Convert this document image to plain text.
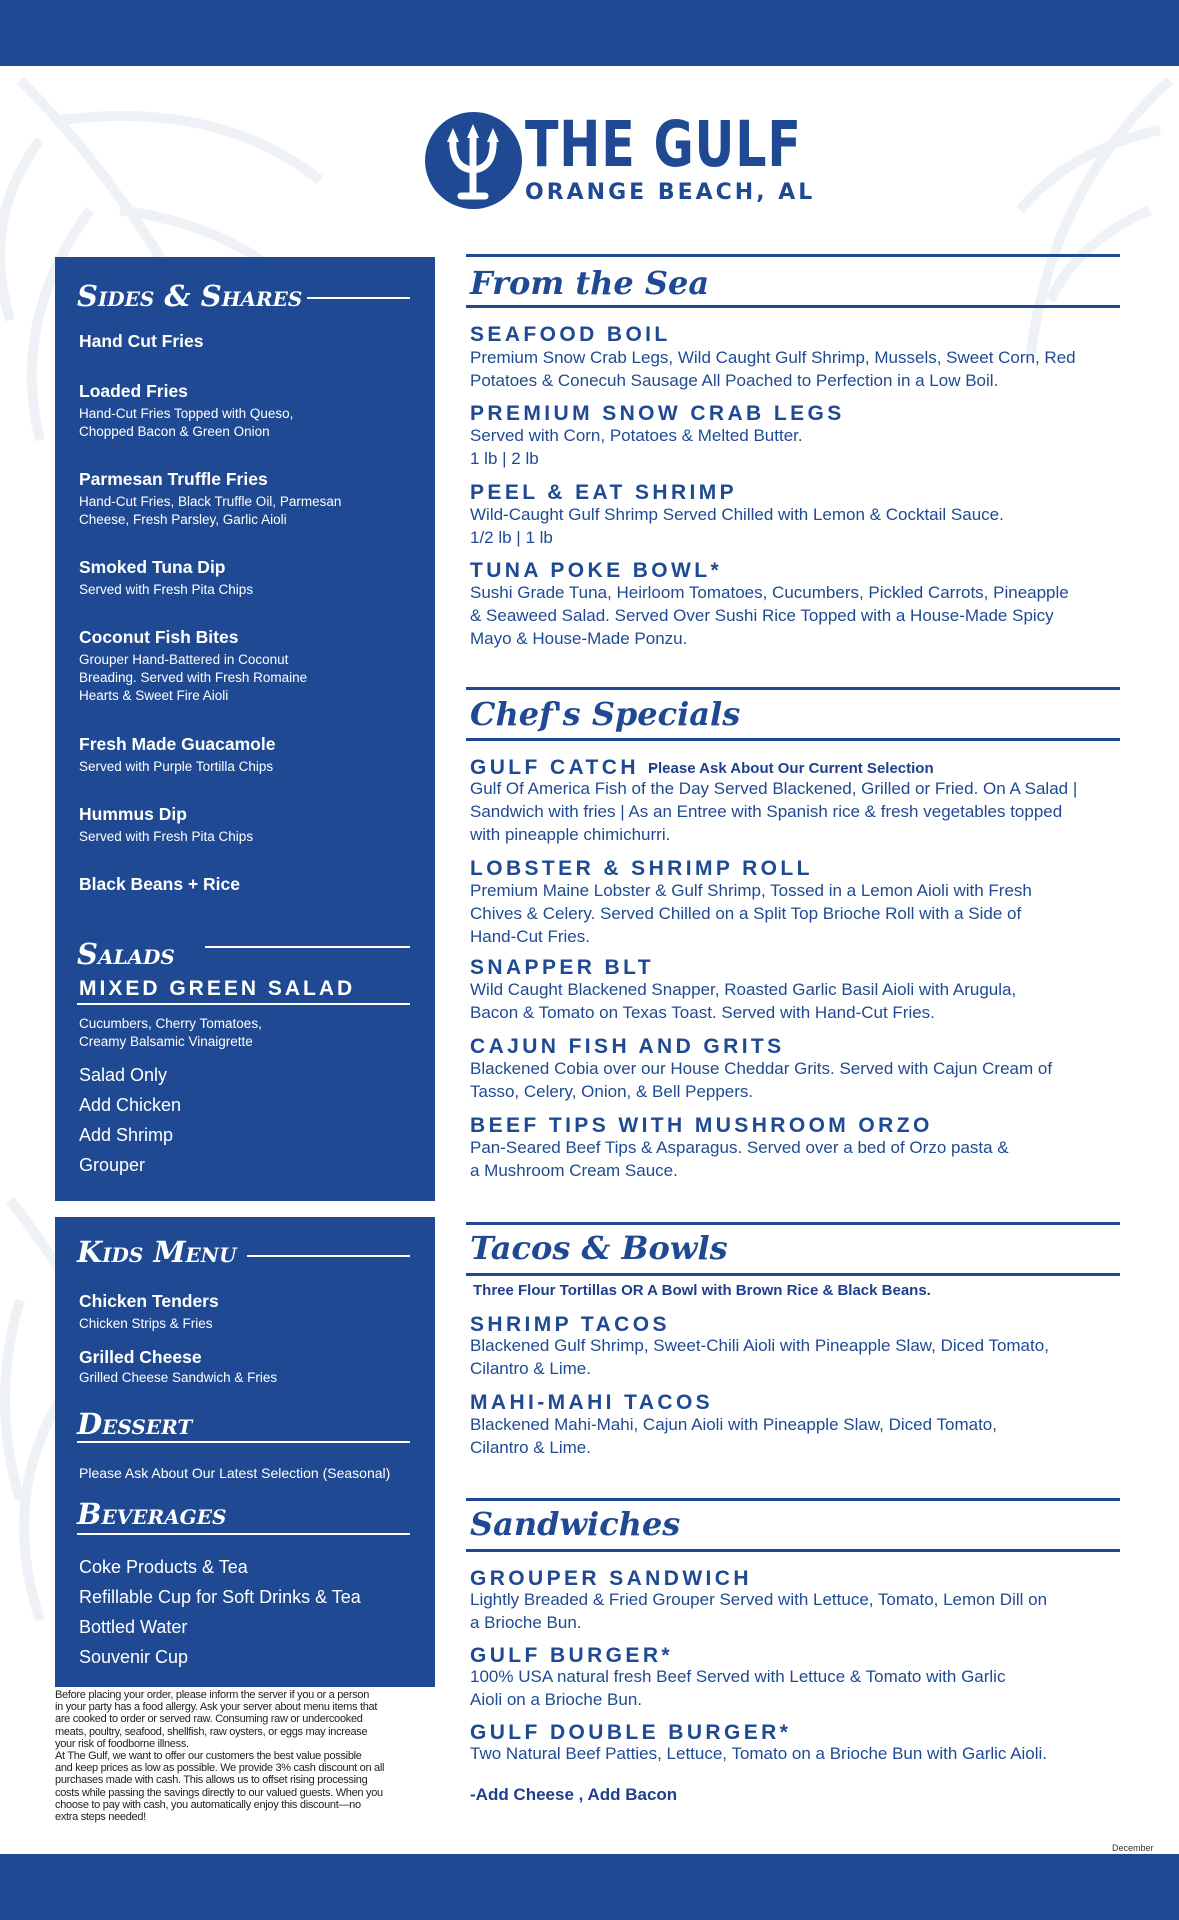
THE GULF
ORANGE BEACH, AL
Sides & Shares
Hand Cut Fries
Loaded Fries
Hand-Cut Fries Topped with Queso,
Chopped Bacon & Green Onion
Parmesan Truffle Fries
Hand-Cut Fries, Black Truffle Oil, Parmesan
Cheese, Fresh Parsley, Garlic Aioli
Smoked Tuna Dip
Served with Fresh Pita Chips
Coconut Fish Bites
Grouper Hand-Battered in Coconut
Breading. Served with Fresh Romaine
Hearts & Sweet Fire Aioli
Fresh Made Guacamole
Served with Purple Tortilla Chips
Hummus Dip
Served with Fresh Pita Chips
Black Beans + Rice
Salads
MIXED GREEN SALAD
Cucumbers, Cherry Tomatoes,
Creamy Balsamic Vinaigrette
Salad Only
Add Chicken
Add Shrimp
Grouper
Kids Menu
Chicken Tenders
Chicken Strips & Fries
Grilled Cheese
Grilled Cheese Sandwich & Fries
Dessert
Please Ask About Our Latest Selection (Seasonal)
Beverages
Coke Products & Tea
Refillable Cup for Soft Drinks & Tea
Bottled Water
Souvenir Cup

Before placing your order, please inform the server if you or a person

in your party has a food allergy. Ask your server about menu items that

are cooked to order or served raw. Consuming raw or undercooked

meats, poultry, seafood, shellfish, raw oysters, or eggs may increase

your risk of foodborne illness.

At The Gulf, we want to offer our customers the best value possible

and keep prices as low as possible. We provide 3% cash discount on all

purchases made with cash. This allows us to offset rising processing

costs while passing the savings directly to our valued guests. When you

choose to pay with cash, you automatically enjoy this discount—no

extra steps needed!

From the Sea
SEAFOOD BOIL
Premium Snow Crab Legs, Wild Caught Gulf Shrimp, Mussels, Sweet Corn, Red
Potatoes & Conecuh Sausage All Poached to Perfection in a Low Boil.
PREMIUM SNOW CRAB LEGS
Served with Corn, Potatoes & Melted Butter.
1 lb | 2 lb
PEEL & EAT SHRIMP
Wild-Caught Gulf Shrimp Served Chilled with Lemon & Cocktail Sauce.
1/2 lb | 1 lb
TUNA POKE BOWL*
Sushi Grade Tuna, Heirloom Tomatoes, Cucumbers, Pickled Carrots, Pineapple
& Seaweed Salad. Served Over Sushi Rice Topped with a House-Made Spicy
Mayo & House-Made Ponzu.
Chef's Specials
GULF CATCH -
Please Ask About Our Current Selection
Gulf Of America Fish of the Day Served Blackened, Grilled or Fried. On A Salad |
Sandwich with fries | As an Entree with Spanish rice & fresh vegetables topped
with pineapple chimichurri.
LOBSTER & SHRIMP ROLL
Premium Maine Lobster & Gulf Shrimp, Tossed in a Lemon Aioli with Fresh
Chives & Celery. Served Chilled on a Split Top Brioche Roll with a Side of
Hand-Cut Fries.
SNAPPER BLT
Wild Caught Blackened Snapper, Roasted Garlic Basil Aioli with Arugula,
Bacon & Tomato on Texas Toast. Served with Hand-Cut Fries.
CAJUN FISH AND GRITS
Blackened Cobia over our House Cheddar Grits. Served with Cajun Cream of
Tasso, Celery, Onion, & Bell Peppers.
BEEF TIPS WITH MUSHROOM ORZO
Pan-Seared Beef Tips & Asparagus. Served over a bed of Orzo pasta &
a Mushroom Cream Sauce.
Tacos & Bowls
Three Flour Tortillas OR A Bowl with Brown Rice & Black Beans.
SHRIMP TACOS
Blackened Gulf Shrimp, Sweet-Chili Aioli with Pineapple Slaw, Diced Tomato,
Cilantro & Lime.
MAHI-MAHI TACOS
Blackened Mahi-Mahi, Cajun Aioli with Pineapple Slaw, Diced Tomato,
Cilantro & Lime.
Sandwiches
GROUPER SANDWICH
Lightly Breaded & Fried Grouper Served with Lettuce, Tomato, Lemon Dill on
a Brioche Bun.
GULF BURGER*
100% USA natural fresh Beef Served with Lettuce & Tomato with Garlic
Aioli on a Brioche Bun.
GULF DOUBLE BURGER*
Two Natural Beef Patties, Lettuce, Tomato on a Brioche Bun with Garlic Aioli.
-Add Cheese , Add Bacon
December
